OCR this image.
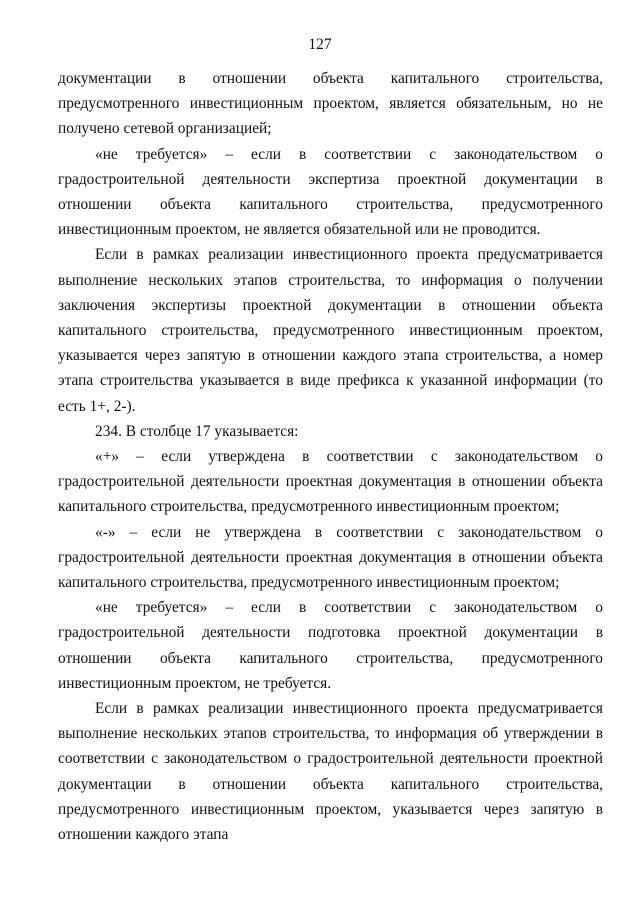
127

документации в отношении объекта капитального строительства, предусмотренного инвестиционным проектом, является обязательным, но не получено сетевой организацией;

«не требуется» – если в соответствии с законодательством о градостроительной деятельности экспертиза проектной документации в отношении объекта капитального строительства, предусмотренного инвестиционным проектом, не является обязательной или не проводится.

Если в рамках реализации инвестиционного проекта предусматривается выполнение нескольких этапов строительства, то информация о получении заключения экспертизы проектной документации в отношении объекта капитального строительства, предусмотренного инвестиционным проектом, указывается через запятую в отношении каждого этапа строительства, а номер этапа строительства указывается в виде префикса к указанной информации (то есть 1+, 2-).

234. В столбце 17 указывается:

«+» – если утверждена в соответствии с законодательством о градостроительной деятельности проектная документация в отношении объекта капитального строительства, предусмотренного инвестиционным проектом;

«-» – если не утверждена в соответствии с законодательством о градостроительной деятельности проектная документация в отношении объекта капитального строительства, предусмотренного инвестиционным проектом;

«не требуется» – если в соответствии с законодательством о градостроительной деятельности подготовка проектной документации в отношении объекта капитального строительства, предусмотренного инвестиционным проектом, не требуется.

Если в рамках реализации инвестиционного проекта предусматривается выполнение нескольких этапов строительства, то информация об утверждении в соответствии с законодательством о градостроительной деятельности проектной документации в отношении объекта капитального строительства, предусмотренного инвестиционным проектом, указывается через запятую в отношении каждого этапа
